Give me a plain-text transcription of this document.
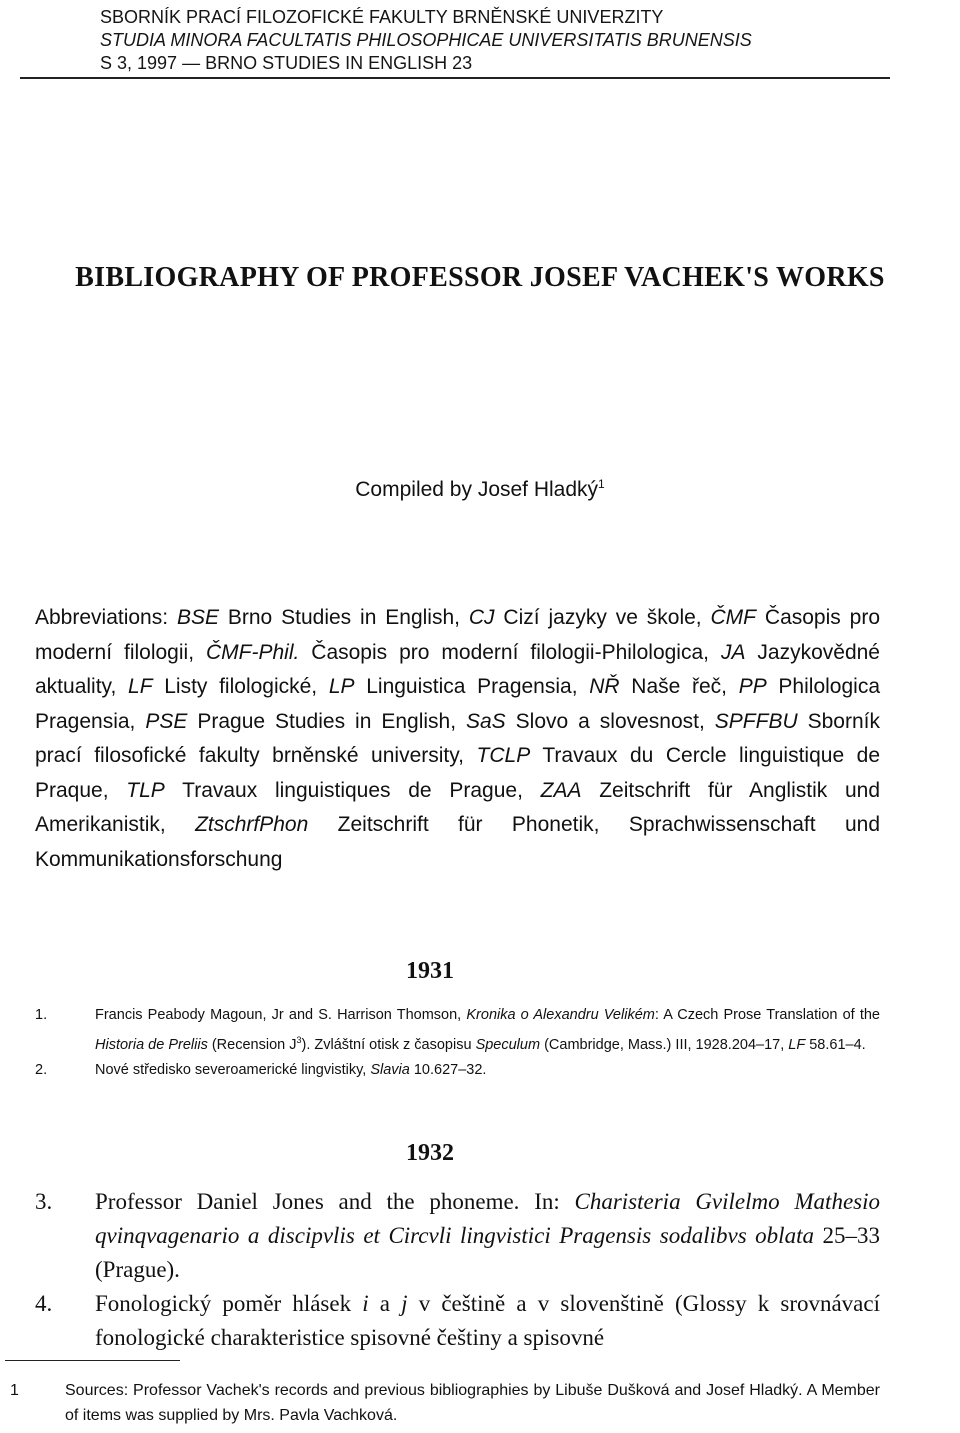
SBORNÍK PRACÍ FILOZOFICKÉ FAKULTY BRNĚNSKÉ UNIVERZITY
STUDIA MINORA FACULTATIS PHILOSOPHICAE UNIVERSITATIS BRUNENSIS
S 3, 1997 — BRNO STUDIES IN ENGLISH 23
BIBLIOGRAPHY OF PROFESSOR JOSEF VACHEK'S WORKS
Compiled by Josef Hladký$^1$
Abbreviations: BSE Brno Studies in English, CJ Cizí jazyky ve škole, ČMF Časopis pro moderní filologii, ČMF-Phil. Časopis pro moderní filologii-Philologica, JA Jazykovědné aktuality, LF Listy filologické, LP Linguistica Pragensia, NŘ Naše řeč, PP Philologica Pragensia, PSE Prague Studies in English, SaS Slovo a slovesnost, SPFFBU Sborník prací filosofické fakulty brněnské university, TCLP Travaux du Cercle linguistique de Praque, TLP Travaux linguistiques de Prague, ZAA Zeitschrift für Anglistik und Amerikanistik, ZtschrfPhon Zeitschrift für Phonetik, Sprachwissenschaft und Kommunikationsforschung
1931
1.	Francis Peabody Magoun, Jr and S. Harrison Thomson, Kronika o Alexandru Velikém: A Czech Prose Translation of the Historia de Preliis (Recension $J^3$). Zvláštní otisk z časopisu Speculum (Cambridge, Mass.) III, 1928.204–17, LF 58.61–4.
2.	Nové středisko severoamerické lingvistiky, Slavia 10.627–32.
1932
3.	Professor Daniel Jones and the phoneme. In: Charisteria Gvilelmo Mathesio qvinqvagenario a discipvlis et Circvli lingvistici Pragensis sodalibvs oblata 25–33 (Prague).
4.	Fonologický poměr hlásek i a j v češtině a v slovenštině (Glossy k srovnávací fonologické charakteristice spisovné češtiny a spisovné
1	Sources: Professor Vachek's records and previous bibliographies by Libuše Dušková and Josef Hladký. A Member of items was supplied by Mrs. Pavla Vachková.
